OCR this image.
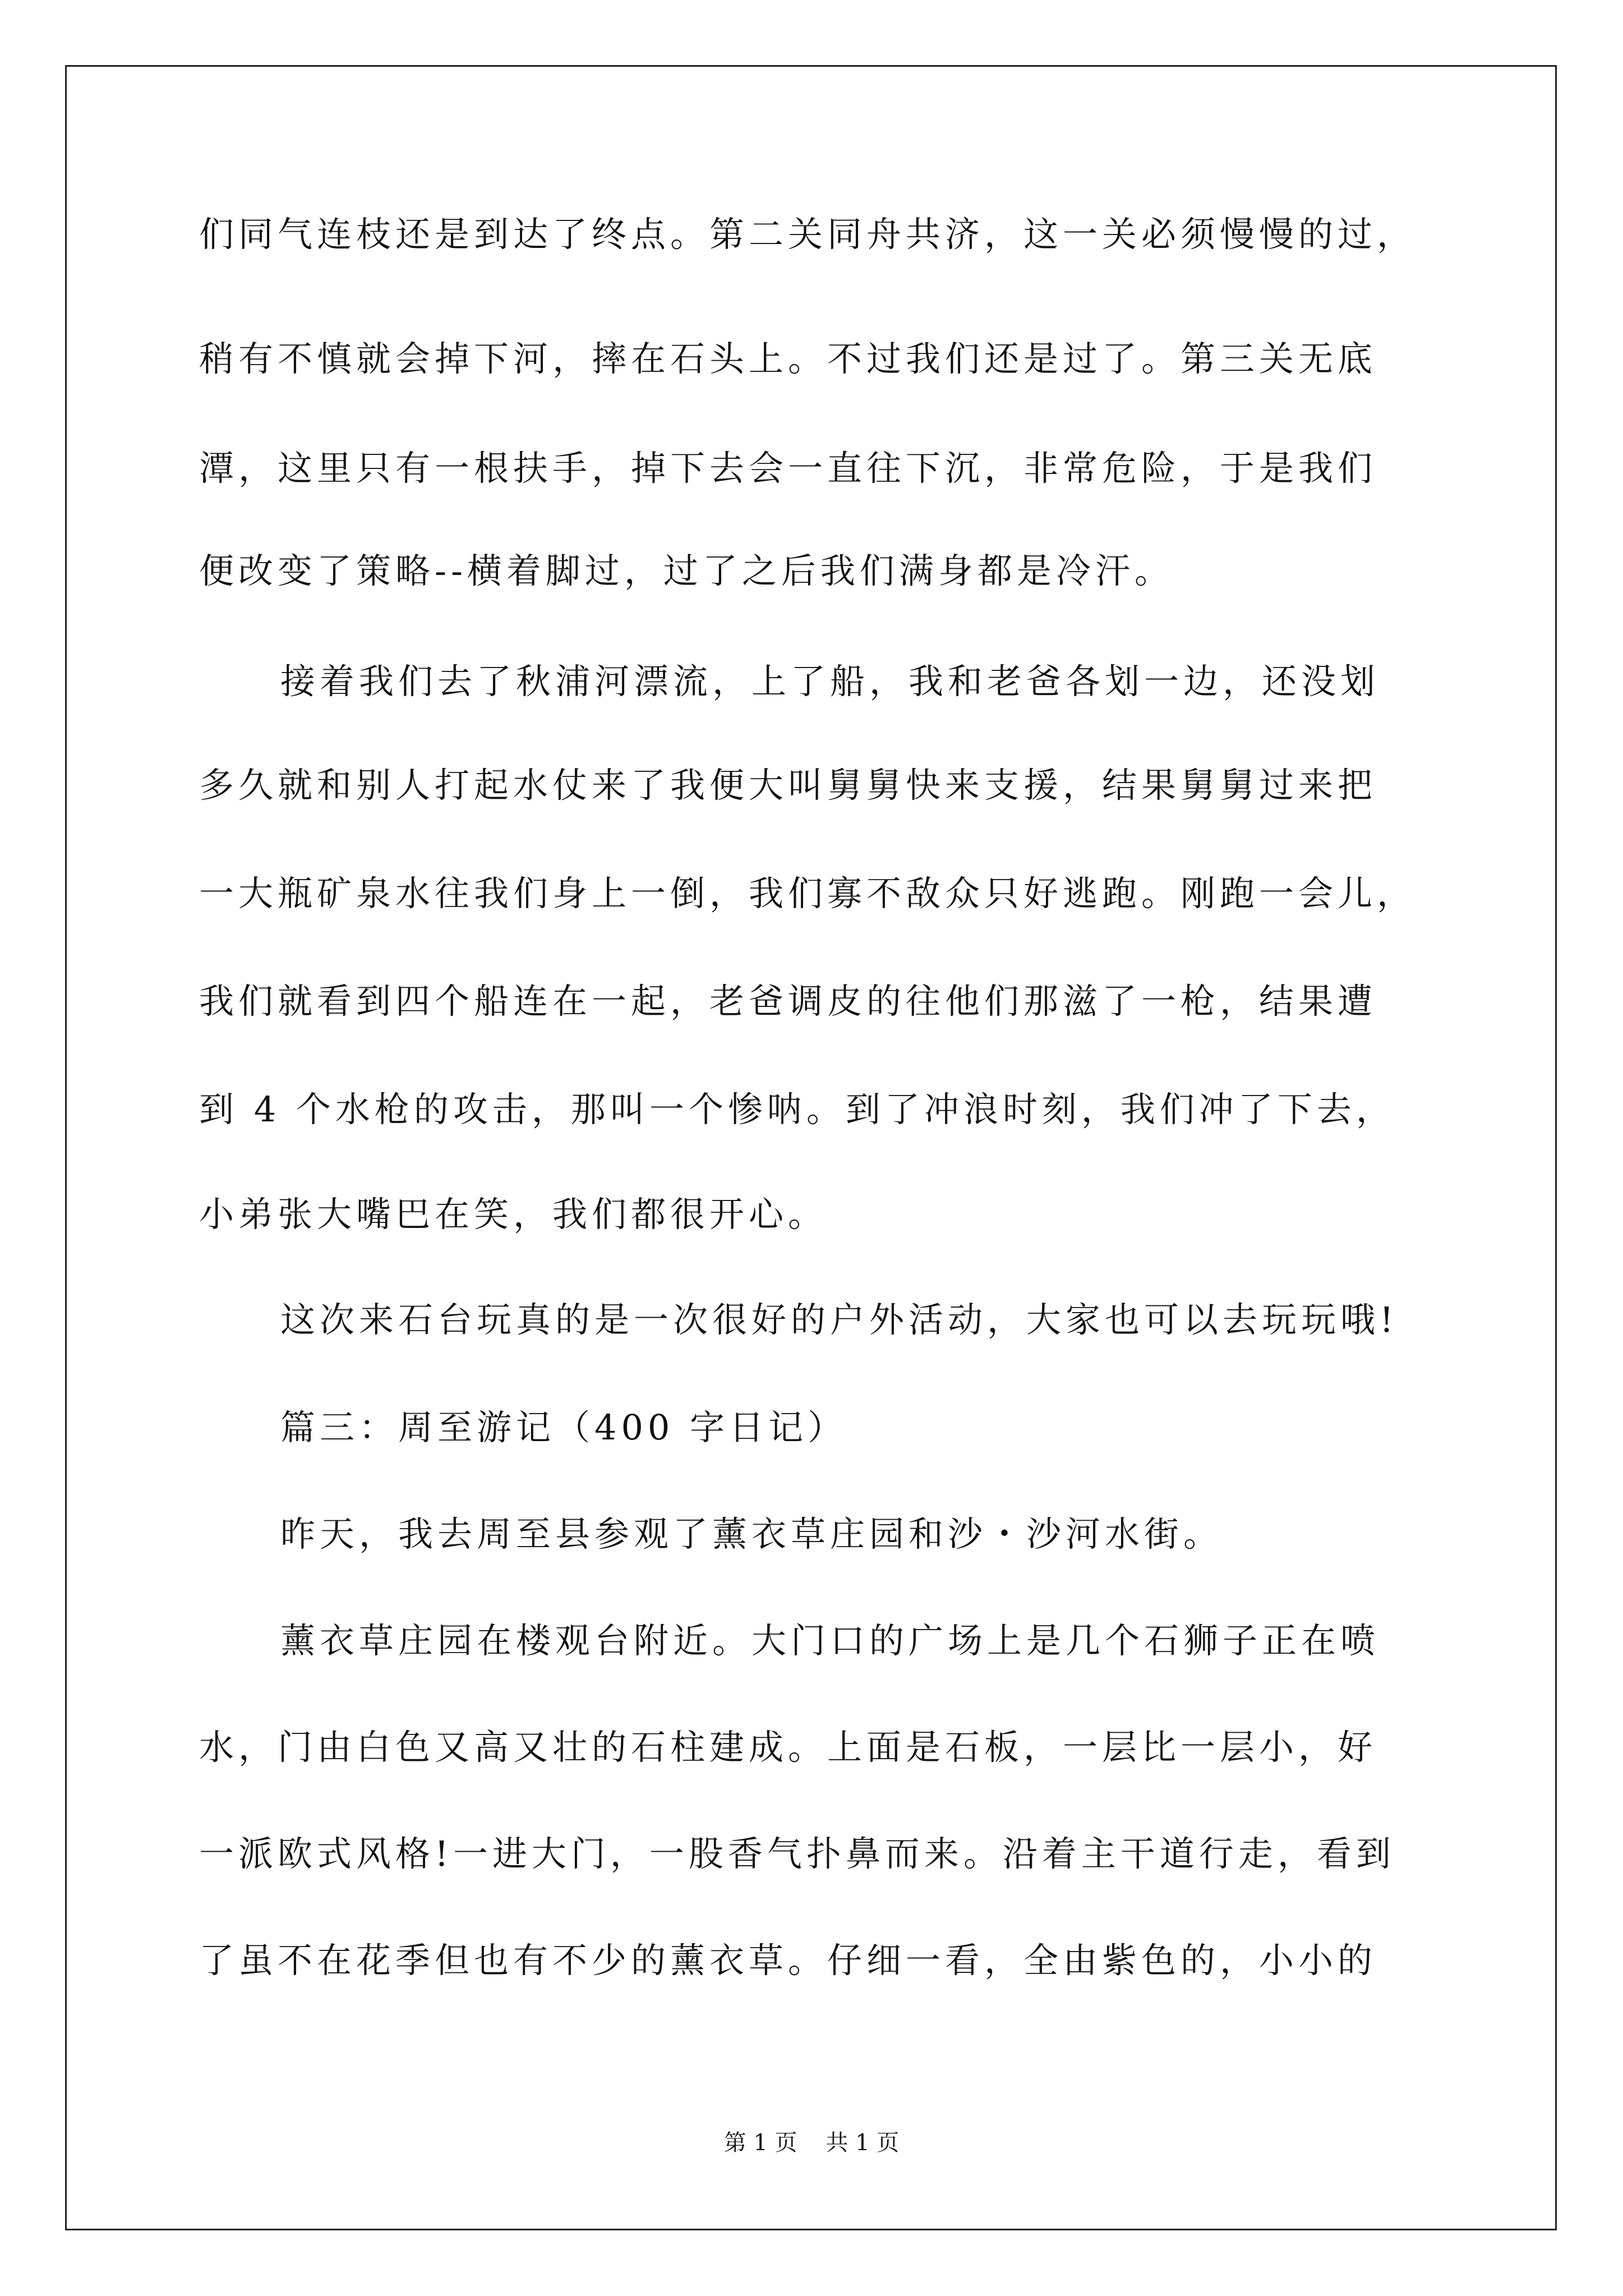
们同气连枝还是到达了终点。第二关同舟共济，这一关必须慢慢的过，
稍有不慎就会掉下河，摔在石头上。不过我们还是过了。第三关无底
潭，这里只有一根扶手，掉下去会一直往下沉，非常危险，于是我们
便改变了策略--横着脚过，过了之后我们满身都是冷汗。
接着我们去了秋浦河漂流，上了船，我和老爸各划一边，还没划
多久就和别人打起水仗来了我便大叫舅舅快来支援，结果舅舅过来把
一大瓶矿泉水往我们身上一倒，我们寡不敌众只好逃跑。刚跑一会儿，
我们就看到四个船连在一起，老爸调皮的往他们那滋了一枪，结果遭
到 4 个水枪的攻击，那叫一个惨呐。到了冲浪时刻，我们冲了下去，
小弟张大嘴巴在笑，我们都很开心。
这次来石台玩真的是一次很好的户外活动，大家也可以去玩玩哦!
篇三：周至游记（400 字日记）
昨天，我去周至县参观了薰衣草庄园和沙・沙河水街。
薰衣草庄园在楼观台附近。大门口的广场上是几个石狮子正在喷
水，门由白色又高又壮的石柱建成。上面是石板，一层比一层小，好
一派欧式风格!一进大门，一股香气扑鼻而来。沿着主干道行走，看到
了虽不在花季但也有不少的薰衣草。仔细一看，全由紫色的，小小的
第 1 页    共 1 页
